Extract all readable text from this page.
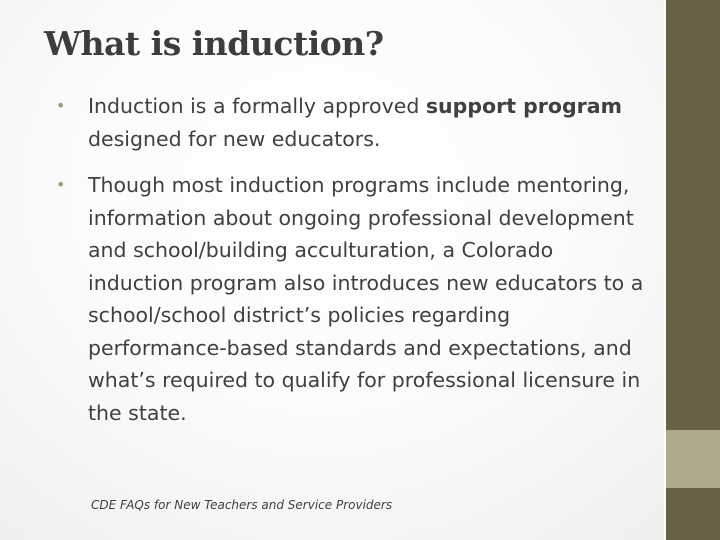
What is induction?
• Induction is a formally approved support program designed for new educators.
• Though most induction programs include mentoring, information about ongoing professional development and school/building acculturation, a Colorado induction program also introduces new educators to a school/school district’s policies regarding performance-based standards and expectations, and what’s required to qualify for professional licensure in the state.
CDE FAQs for New Teachers and Service Providers
